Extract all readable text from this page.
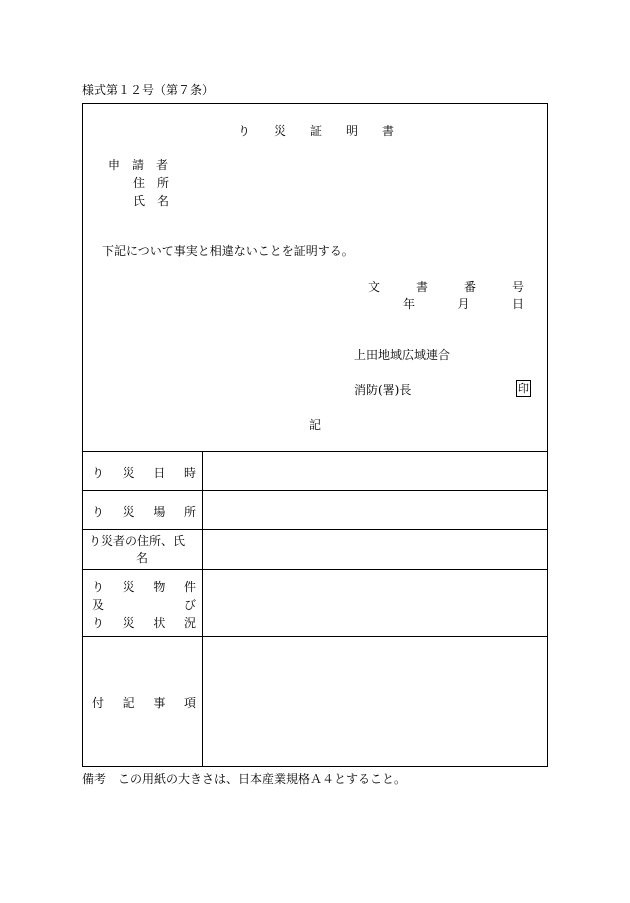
様式第１２号（第７条）
り 災 証 明 書
申 請 者
住 所
氏 名
下記について事実と相違ないことを証明する。
文	書	番	号
年	月	日
上田地域広域連合
消防(署)長	印
記
り 災 日 時
り 災 場 所
り災者の住所、氏
名
り 災 物 件
及	び
り 災 状 況
付 記 事 項
備考　この用紙の大きさは、日本産業規格Ａ４とすること。
